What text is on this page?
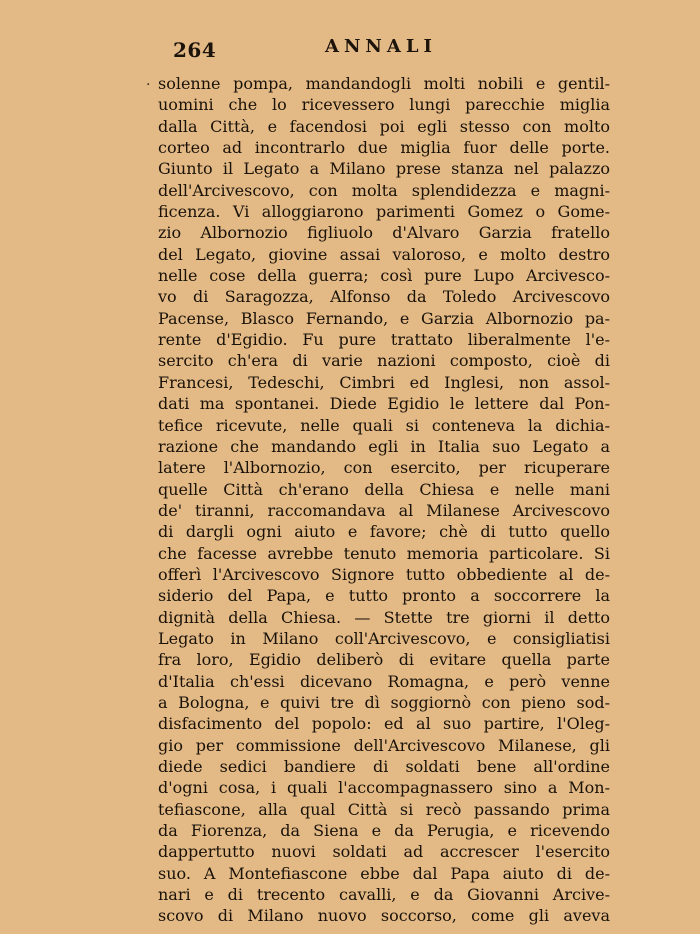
264	ANNALI
· solenne pompa, mandandogli molti nobili e gentil-
uomini che lo ricevessero lungi parecchie miglia
dalla Città, e facendosi poi egli stesso con molto
corteo ad incontrarlo due miglia fuor delle porte.
Giunto il Legato a Milano prese stanza nel palazzo
dell'Arcivescovo, con molta splendidezza e magni-
ficenza. Vi alloggiarono parimenti Gomez o Gome-
zio Albornozio figliuolo d'Alvaro Garzia fratello
del Legato, giovine assai valoroso, e molto destro
nelle cose della guerra; così pure Lupo Arcivesco-
vo di Saragozza, Alfonso da Toledo Arcivescovo
Pacense, Blasco Fernando, e Garzia Albornozio pa-
rente d'Egidio. Fu pure trattato liberalmente l'e-
sercito ch'era di varie nazioni composto, cioè di
Francesi, Tedeschi, Cimbri ed Inglesi, non assol-
dati ma spontanei. Diede Egidio le lettere dal Pon-
tefice ricevute, nelle quali si conteneva la dichia-
razione che mandando egli in Italia suo Legato a
latere l'Albornozio, con esercito, per ricuperare
quelle Città ch'erano della Chiesa e nelle mani
de' tiranni, raccomandava al Milanese Arcivescovo
di dargli ogni aiuto e favore; chè di tutto quello
che facesse avrebbe tenuto memoria particolare. Si
offerì l'Arcivescovo Signore tutto obbediente al de-
siderio del Papa, e tutto pronto a soccorrere la
dignità della Chiesa. — Stette tre giorni il detto
Legato in Milano coll'Arcivescovo, e consigliatisi
fra loro, Egidio deliberò di evitare quella parte
d'Italia ch'essi dicevano Romagna, e però venne
a Bologna, e quivi tre dì soggiornò con pieno sod-
disfacimento del popolo: ed al suo partire, l'Oleg-
gio per commissione dell'Arcivescovo Milanese, gli
diede sedici bandiere di soldati bene all'ordine
d'ogni cosa, i quali l'accompagnassero sino a Mon-
tefiascone, alla qual Città si recò passando prima
da Fiorenza, da Siena e da Perugia, e ricevendo
dappertutto nuovi soldati ad accrescer l'esercito
suo. A Montefiascone ebbe dal Papa aiuto di de-
nari e di trecento cavalli, e da Giovanni Arcive-
scovo di Milano nuovo soccorso, come gli aveva
